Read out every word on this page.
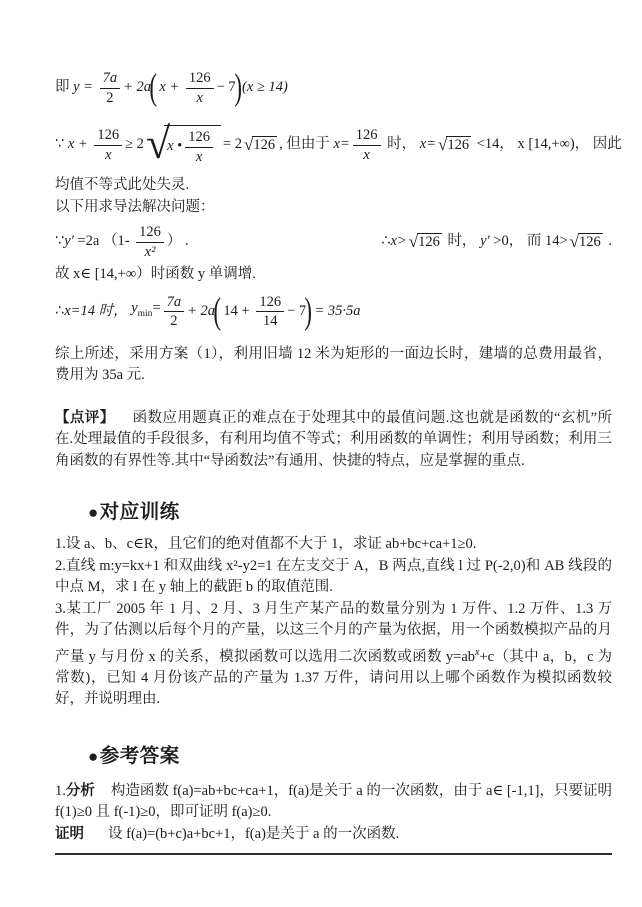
即 $y = \frac{7a}{2} + 2a$
( $x + \frac{126}{x} - 7$
) (x ≥ 14)
∵ $x + \frac{126}{x} \ge 2$ √
x • $\frac{126}{x} = 2$ √ 126 , 但由于 $x= \frac{126}{x}$ 时， x= √ 126 <14， x [14,+∞)， 因此

均值不等式此处失灵.

以下用求导法解决问题：

∵ y′ =2a （$1- \frac{126}{\text{x²}}$ ） .	∴ x> √ 126 时， y′ >0， 而 14> √ 126 .

故 x∈ [14,+∞）时函数 y 单调增.

∴ x=14 时， $y_{min}= \frac{7a}{2} + 2a$
( $14 + \frac{126}{14} - 7$
) = 35·5a

综上所述，采用方案（1），利用旧墙 12 米为矩形的一面边长时，建墙的总费用最省，费用为 35a 元.

【点评】 函数应用题真正的难点在于处理其中的最值问题.这也就是函数的“玄机”所在.处理最值的手段很多，有利用均值不等式；利用函数的单调性；利用导函数；利用三角函数的有界性等.其中“导函数法”有通用、快捷的特点，应是掌握的重点.

●对应训练

1.设 a、b、c∈R，且它们的绝对值都不大于 1，求证 ab+bc+ca+1≥0.

2.直线 m:y=kx+1 和双曲线 x²-y2=1 在左支交于 A，B 两点,直线 l 过 P(-2,0)和 AB 线段的中点 M，求 l 在 y 轴上的截距 b 的取值范围.

3.某工厂 2005 年 1 月、2 月、3 月生产某产品的数量分别为 1 万件、1.2 万件、1.3 万件，为了估测以后每个月的产量，以这三个月的产量为依据，用一个函数模拟产品的月产量 y 与月份 x 的关系，模拟函数可以选用二次函数或函数 $y=ab^x+c$（其中 a，b，c 为常数)，已知 4 月份该产品的产量为 1.37 万件，请问用以上哪个函数作为模拟函数较好，并说明理由.

●参考答案

1.分析 构造函数 f(a)=ab+bc+ca+1，f(a)是关于 a 的一次函数，由于 a∈ [-1,1]，只要证明 f(1)≥0 且 f(-1)≥0，即可证明 f(a)≥0.

证明 设 f(a)=(b+c)a+bc+1，f(a)是关于 a 的一次函数.
